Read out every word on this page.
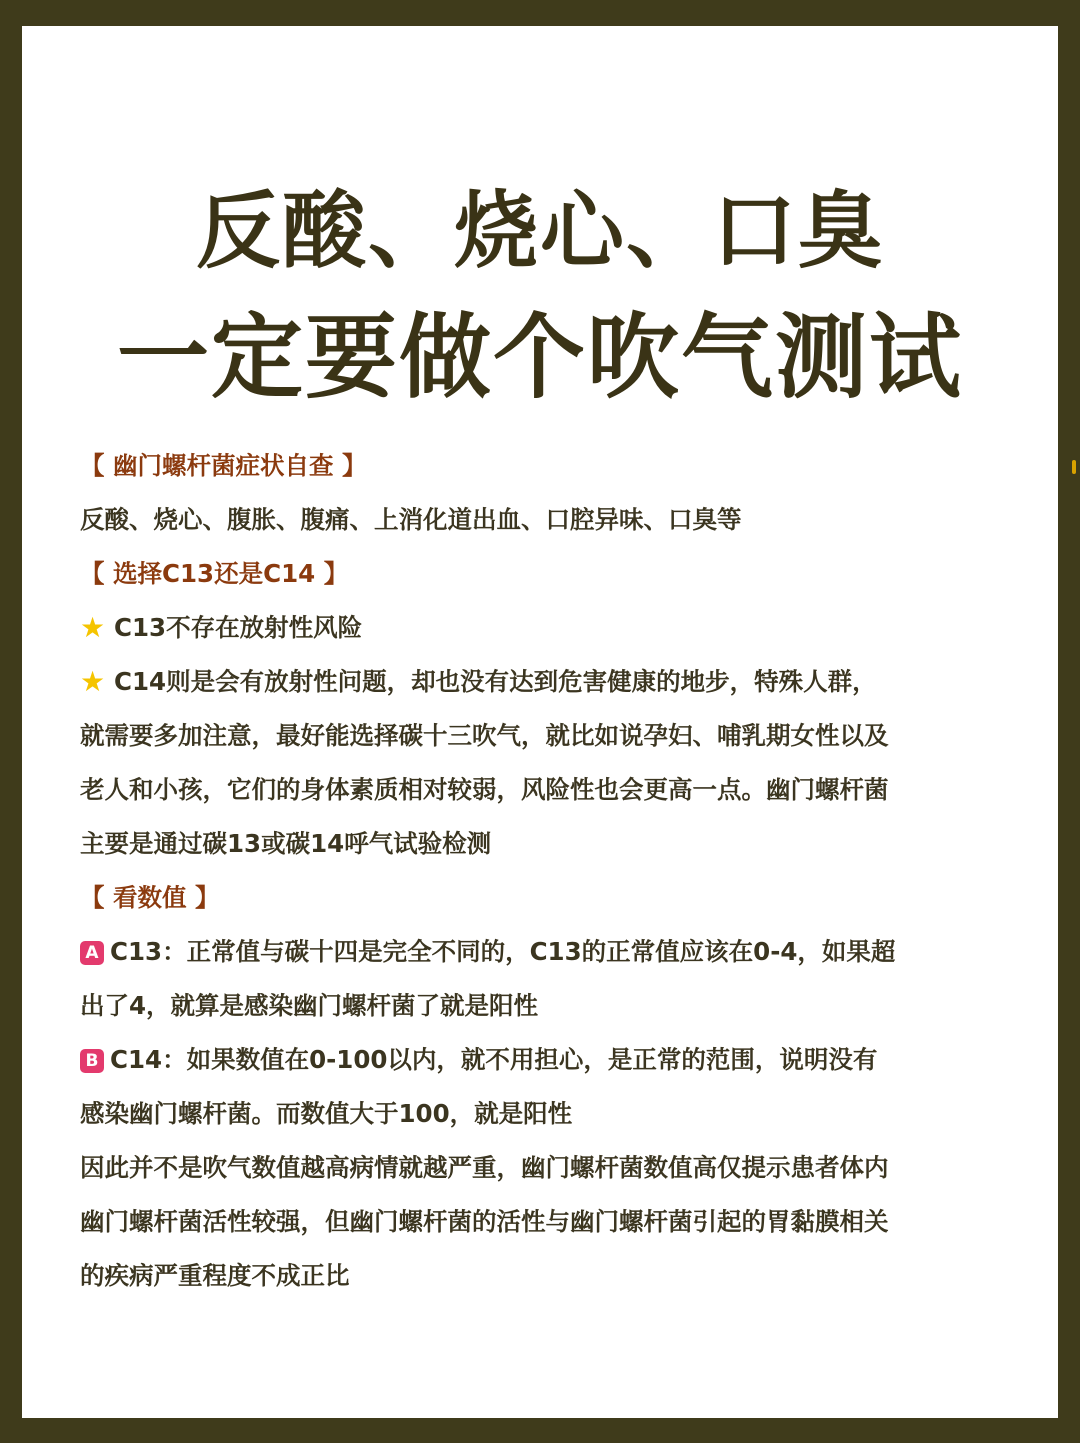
反酸、烧心、口臭
一定要做个吹气测试

【 幽门螺杆菌症状自查 】

反酸、烧心、腹胀、腹痛、上消化道出血、口腔异味、口臭等

【 选择C13还是C14 】

★ C13不存在放射性风险

★ C14则是会有放射性问题，却也没有达到危害健康的地步，特殊人群，

就需要多加注意，最好能选择碳十三吹气，就比如说孕妇、哺乳期女性以及

老人和小孩，它们的身体素质相对较弱，风险性也会更高一点。幽门螺杆菌

主要是通过碳13或碳14呼气试验检测

【 看数值 】

A C13：正常值与碳十四是完全不同的，C13的正常值应该在0-4，如果超

出了4，就算是感染幽门螺杆菌了就是阳性

B C14：如果数值在0-100以内，就不用担心，是正常的范围，说明没有

感染幽门螺杆菌。而数值大于100，就是阳性

因此并不是吹气数值越高病情就越严重，幽门螺杆菌数值高仅提示患者体内

幽门螺杆菌活性较强，但幽门螺杆菌的活性与幽门螺杆菌引起的胃黏膜相关

的疾病严重程度不成正比
